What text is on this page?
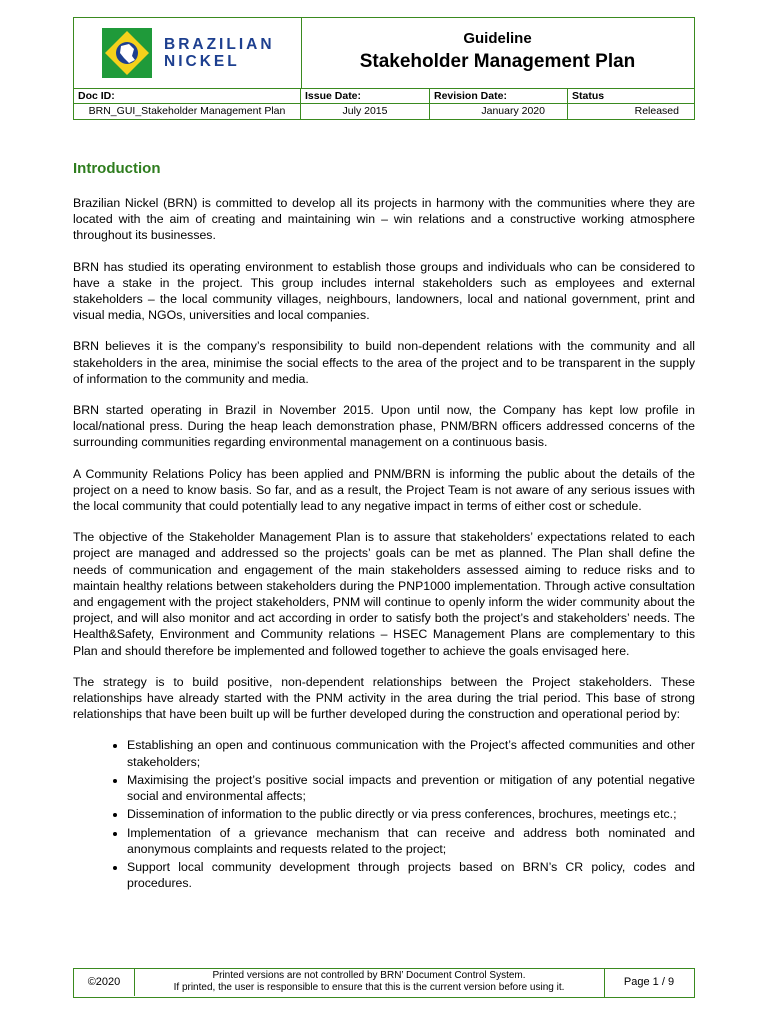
BRAZILIAN
NICKEL
Guideline
Stakeholder Management Plan
Doc ID:
BRN_GUI_Stakeholder Management Plan
Issue Date:
July 2015
Revision Date:
January 2020
Status
Released
Introduction

Brazilian Nickel (BRN) is committed to develop all its projects in harmony with the communities where they are located with the aim of creating and maintaining win – win relations and a constructive working atmosphere throughout its businesses.

BRN has studied its operating environment to establish those groups and individuals who can be considered to have a stake in the project. This group includes internal stakeholders such as employees and external stakeholders – the local community villages, neighbours, landowners, local and national government, print and visual media, NGOs, universities and local companies.

BRN believes it is the company’s responsibility to build non-dependent relations with the community and all stakeholders in the area, minimise the social effects to the area of the project and to be transparent in the supply of information to the community and media.

BRN started operating in Brazil in November 2015. Upon until now, the Company has kept low profile in local/national press. During the heap leach demonstration phase, PNM/BRN officers addressed concerns of the surrounding communities regarding environmental management on a continuous basis.

A Community Relations Policy has been applied and PNM/BRN is informing the public about the details of the project on a need to know basis. So far, and as a result, the Project Team is not aware of any serious issues with the local community that could potentially lead to any negative impact in terms of either cost or schedule.

The objective of the Stakeholder Management Plan is to assure that stakeholders’ expectations related to each project are managed and addressed so the projects’ goals can be met as planned. The Plan shall define the needs of communication and engagement of the main stakeholders assessed aiming to reduce risks and to maintain healthy relations between stakeholders during the PNP1000 implementation. Through active consultation and engagement with the project stakeholders, PNM will continue to openly inform the wider community about the project, and will also monitor and act according in order to satisfy both the project’s and stakeholders’ needs. The Health&Safety, Environment and Community relations – HSEC Management Plans are complementary to this Plan and should therefore be implemented and followed together to achieve the goals envisaged here.

The strategy is to build positive, non-dependent relationships between the Project stakeholders. These relationships have already started with the PNM activity in the area during the trial period. This base of strong relationships that have been built up will be further developed during the construction and operational period by:

• Establishing an open and continuous communication with the Project’s affected communities and other stakeholders;
• Maximising the project’s positive social impacts and prevention or mitigation of any potential negative social and environmental affects;
• Dissemination of information to the public directly or via press conferences, brochures, meetings etc.;
• Implementation of a grievance mechanism that can receive and address both nominated and anonymous complaints and requests related to the project;
• Support local community development through projects based on BRN’s CR policy, codes and procedures.
©2020
Printed versions are not controlled by BRN’ Document Control System.
If printed, the user is responsible to ensure that this is the current version before using it.	Page 1 / 9
